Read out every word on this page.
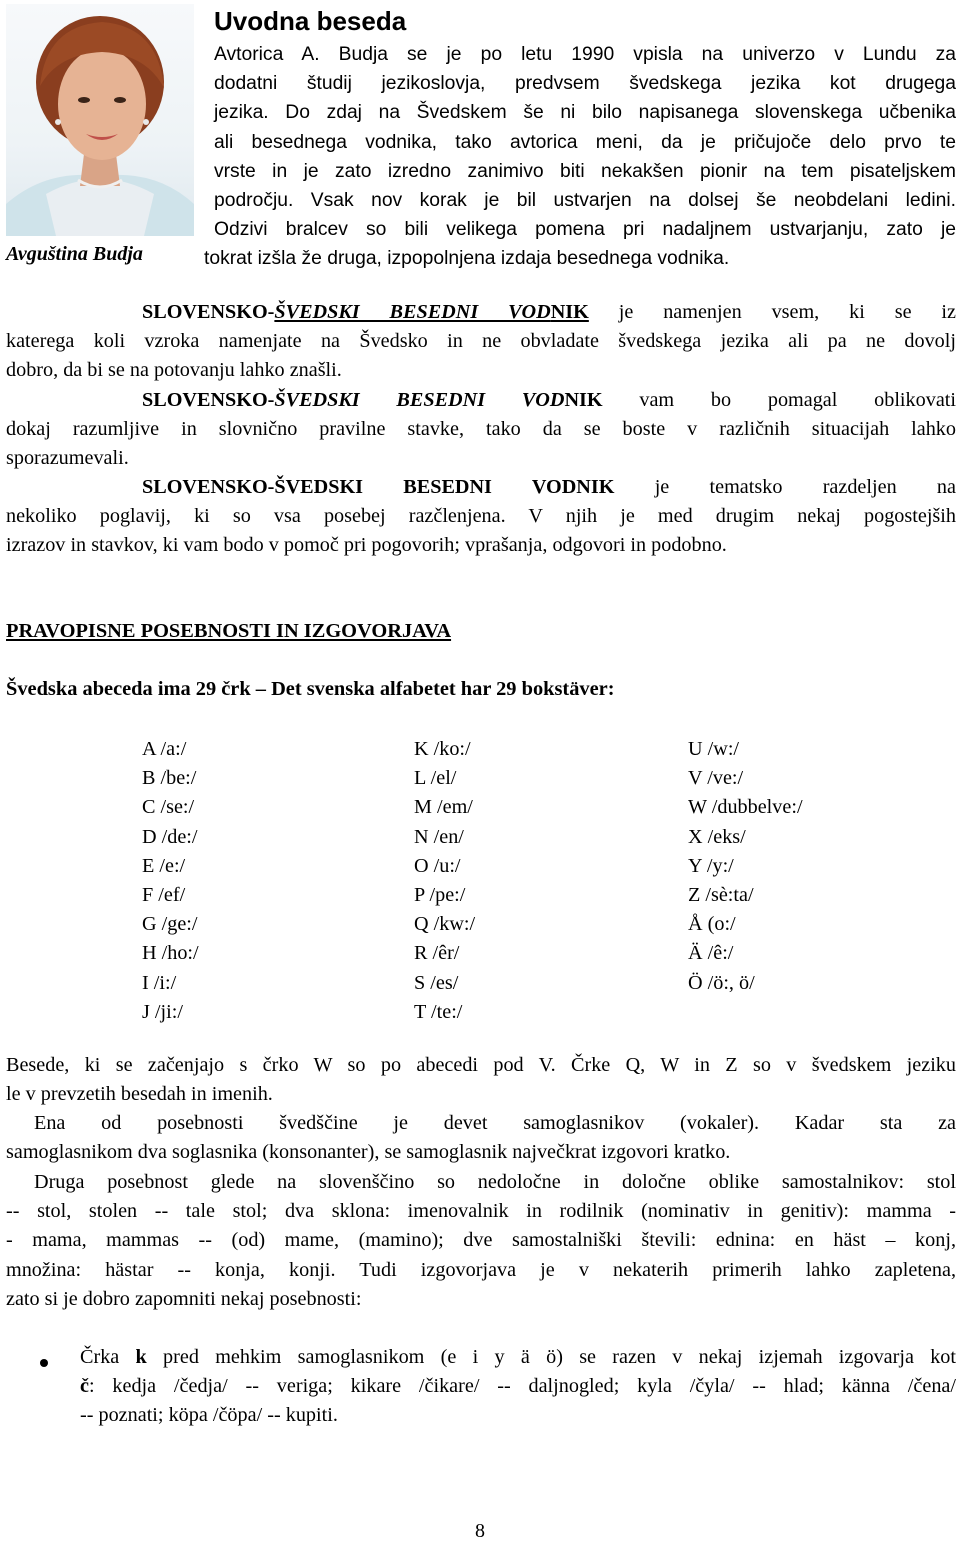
Avguština Budja
Uvodna beseda
Avtorica A. Budja se je po letu 1990 vpisla na univerzo v Lundu za
dodatni študij jezikoslovja, predvsem švedskega jezika kot drugega
jezika. Do zdaj na Švedskem še ni bilo napisanega slovenskega učbenika
ali besednega vodnika, tako avtorica meni, da je pričujoče delo prvo te
vrste in je zato izredno zanimivo biti nekakšen pionir na tem pisateljskem
področju. Vsak nov korak je bil ustvarjen na dolsej še neobdelani ledini.
Odzivi bralcev so bili velikega pomena pri nadaljnem ustvarjanju, zato je
tokrat izšla že druga, izpopolnjena izdaja besednega vodnika.
SLOVENSKO-ŠVEDSKI BESEDNI VODNIK je namenjen vsem, ki se iz
katerega koli vzroka namenjate na Švedsko in ne obvladate švedskega jezika ali pa ne dovolj
dobro, da bi se na potovanju lahko znašli.
SLOVENSKO-ŠVEDSKI BESEDNI VODNIK vam bo pomagal oblikovati
dokaj razumljive in slovnično pravilne stavke, tako da se boste v različnih situacijah lahko
sporazumevali.
SLOVENSKO-ŠVEDSKI BESEDNI VODNIK je tematsko razdeljen na
nekoliko poglavij, ki so vsa posebej razčlenjena. V njih je med drugim nekaj pogostejših
izrazov in stavkov, ki vam bodo v pomoč pri pogovorih; vprašanja, odgovori in podobno.
PRAVOPISNE POSEBNOSTI IN IZGOVORJAVA
Švedska abeceda ima 29 črk – Det svenska alfabetet har 29 bokstäver:
A /a:/
B /be:/
C /se:/
D /de:/
E /e:/
F /ef/
G /ge:/
H /ho:/
I /i:/
J /ji:/
K /ko:/
L /el/
M /em/
N /en/
O /u:/
P /pe:/
Q /kw:/
R /êr/
S /es/
T /te:/
U /w:/
V /ve:/
W /dubbelve:/
X /eks/
Y /y:/
Z /sè:ta/
Å (o:/
Ä /ê:/
Ö /ö:, ö/
Besede, ki se začenjajo s črko W so po abecedi pod V. Črke Q, W in Z so v švedskem jeziku
le v prevzetih besedah in imenih.
Ena od posebnosti švedščine je devet samoglasnikov (vokaler). Kadar sta za
samoglasnikom dva soglasnika (konsonanter), se samoglasnik največkrat izgovori kratko.
Druga posebnost glede na slovenščino so nedoločne in določne oblike samostalnikov: stol
-- stol, stolen -- tale stol; dva sklona: imenovalnik in rodilnik (nominativ in genitiv): mamma -
- mama, mammas -- (od) mame, (mamino); dve samostalniški števili: ednina: en häst – konj,
množina: hästar -- konja, konji. Tudi izgovorjava je v nekaterih primerih lahko zapletena,
zato si je dobro zapomniti nekaj posebnosti:
Črka k pred mehkim samoglasnikom (e i y ä ö) se razen v nekaj izjemah izgovarja kot
č: kedja /čedja/ -- veriga; kikare /čikare/ -- daljnogled; kyla /čyla/ -- hlad; känna /čena/
-- poznati; köpa /čöpa/ -- kupiti.
8
